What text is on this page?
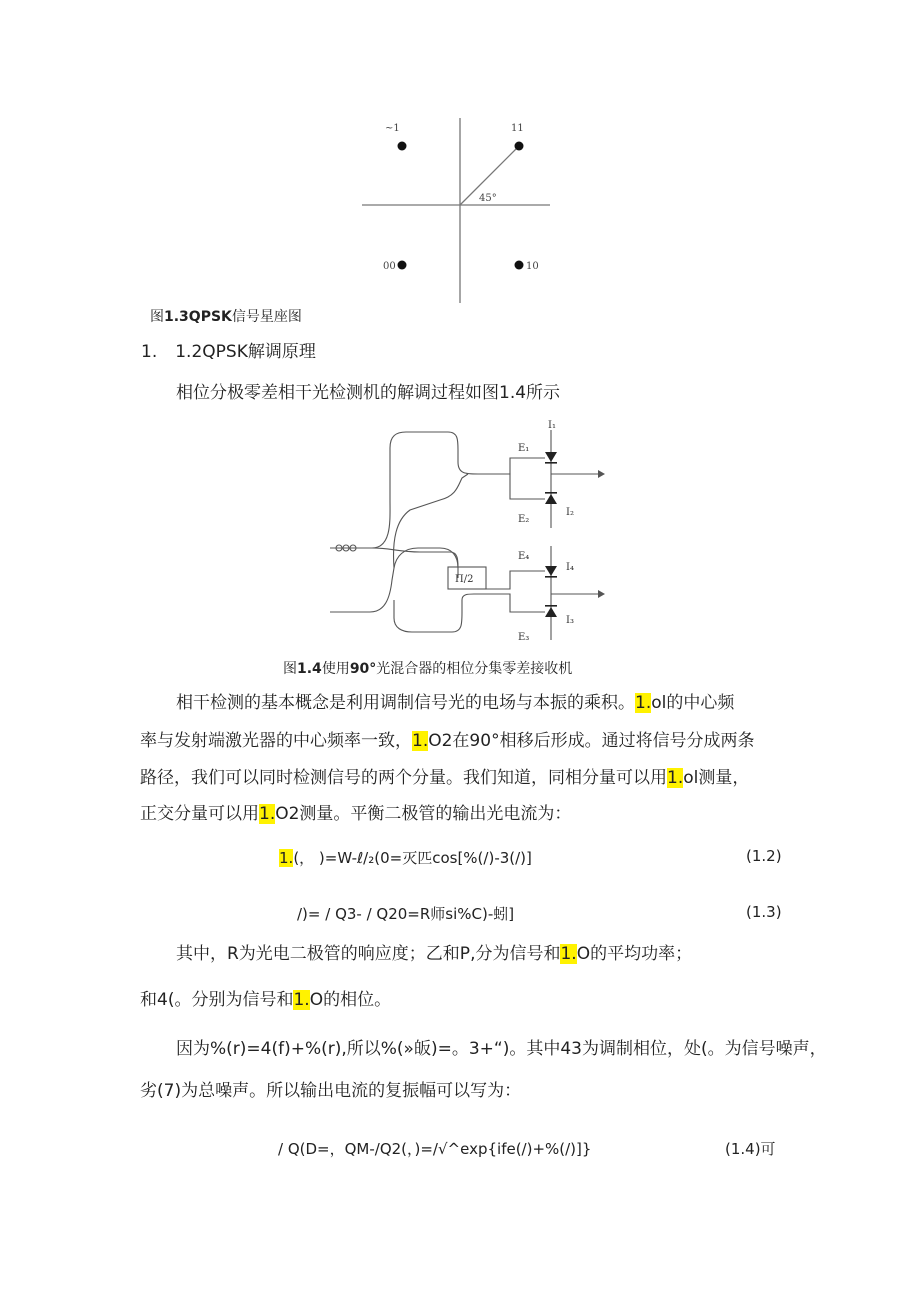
~1	11
00	10
45°
图1.3QPSK信号星座图
1. 1.2QPSK解调原理
相位分极零差相干光检测机的解调过程如图1.4所示
I₁
E₁
I₂
E₂
E₄
I₄
I₃
E₃
Π/2
图1.4使用90°光混合器的相位分集零差接收机
相干检测的基本概念是利用调制信号光的电场与本振的乘积。1.ol的中心频
率与发射端激光器的中心频率一致，1.O2在90°相移后形成。通过将信号分成两条
路径，我们可以同时检测信号的两个分量。我们知道，同相分量可以用1.ol测量，
正交分量可以用1.O2测量。平衡二极管的输出光电流为：
1.(， )=W-ℓ/₂(0=灭匹cos[%(/)-3(/)]	(1.2)
/)= / Q3- / Q20=R师si%C)-蚓]	(1.3)
其中，R为光电二极管的响应度；乙和P,分为信号和1.O的平均功率；
和4(。分别为信号和1.O的相位。
因为%(r)=4(f)+%(r),所以%(»皈)=。3+“)。其中43为调制相位，处(。为信号噪声，
劣(7)为总噪声。所以输出电流的复振幅可以写为：
/ Q(D=，QM-/Q2(，)=/√^exp{ife(/)+%(/)]}	(1.4)可
